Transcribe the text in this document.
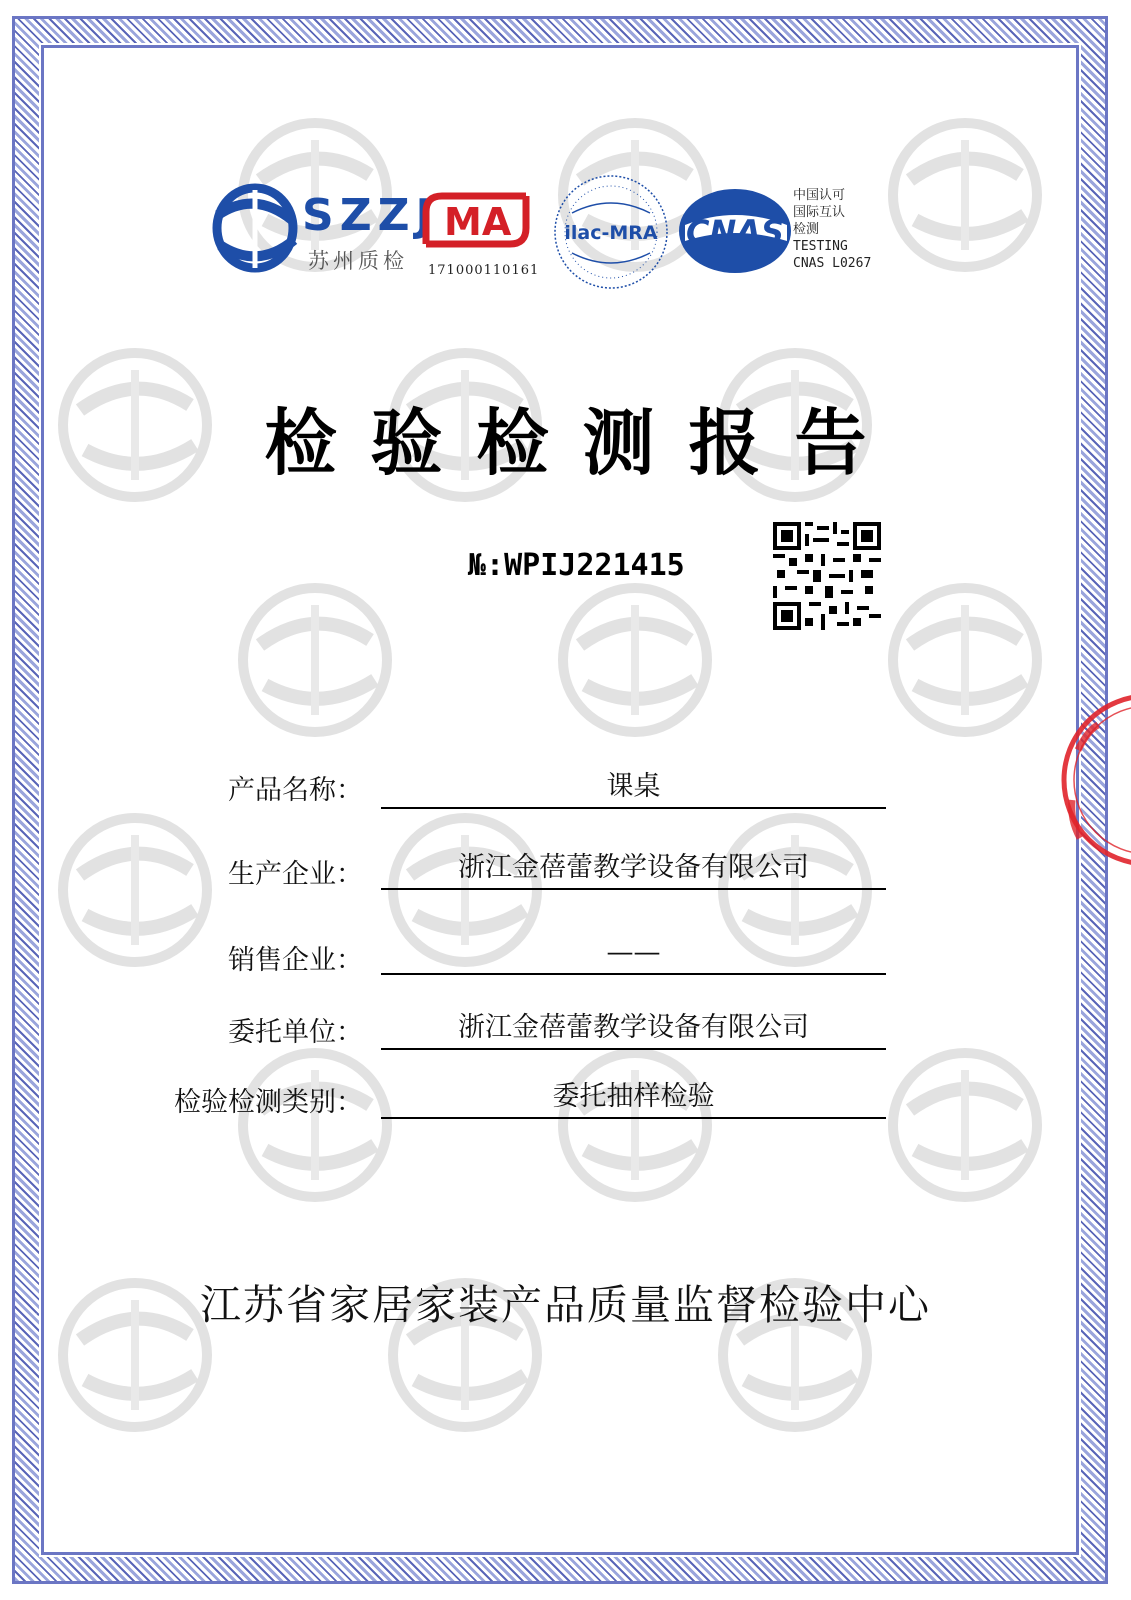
SZZJ
苏州质检
MA
171000110161
ilac-MRA CNAS
中国认可
国际互认
检测
TESTING
CNAS L0267
检验检测报告
№:WPIJ221415
产品名称：	课桌
生产企业：	浙江金蓓蕾教学设备有限公司
销售企业：	——
委托单位：	浙江金蓓蕾教学设备有限公司
检验检测类别：	委托抽样检验
江苏省家居家装产品质量监督检验中心
